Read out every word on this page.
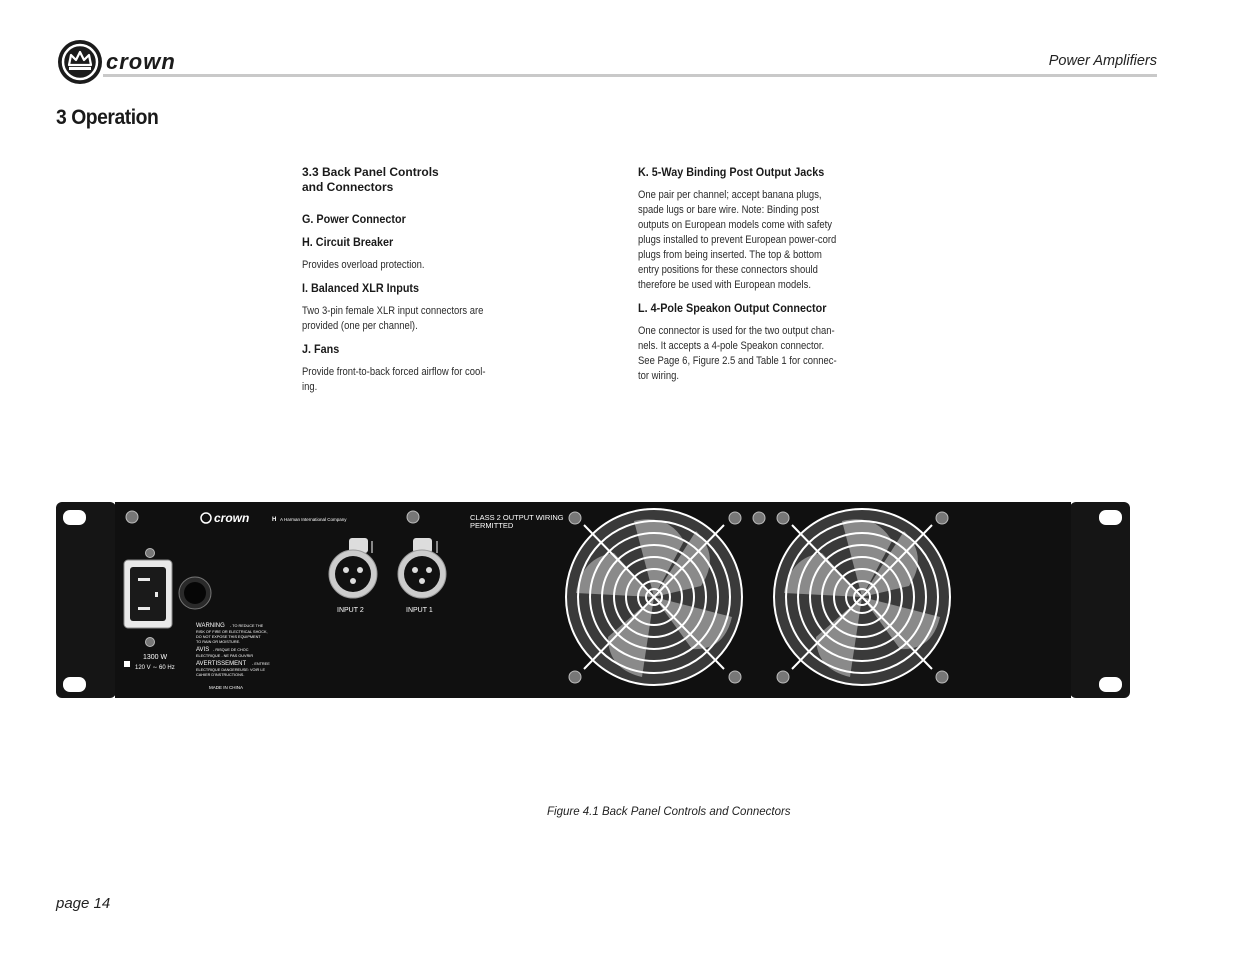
crown	Power Amplifiers
3 Operation
3.3 Back Panel Controls
and Connectors
G. Power Connector
H. Circuit Breaker

Provides overload protection.

I. Balanced XLR Inputs

Two 3-pin female XLR input connectors are

provided (one per channel).

J. Fans

Provide front-to-back forced airflow for cool-

ing.

K. 5-Way Binding Post Output Jacks

One pair per channel; accept banana plugs,

spade lugs or bare wire. Note: Binding post

outputs on European models come with safety

plugs installed to prevent European power-cord

plugs from being inserted. The top & bottom

entry positions for these connectors should

therefore be used with European models.

L. 4-Pole Speakon Output Connector

One connector is used for the two output chan-

nels. It accepts a 4-pole Speakon connector.

See Page 6, Figure 2.5 and Table 1 for connec-

tor wiring.

crown	H A Harman International Company	CLASS 2 OUTPUT WIRING
PERMITTED
1300 W
120 V ∼ 60 Hz
WARNING - TO REDUCE THE
RISK OF FIRE OR ELECTRICAL SHOCK,
DO NOT EXPOSE THIS EQUIPMENT
TO RAIN OR MOISTURE.
AVIS - RISQUE DE CHOC
ELECTRIQUE - NE PAS OUVRIR
AVERTISSEMENT - ENTREE
ELECTRIQUE DANGEREUSE: VOIR LE
CAHIER D'INSTRUCTIONS.
MADE IN CHINA
INPUT 2	INPUT 1
Figure 4.1 Back Panel Controls and Connectors
page 14
